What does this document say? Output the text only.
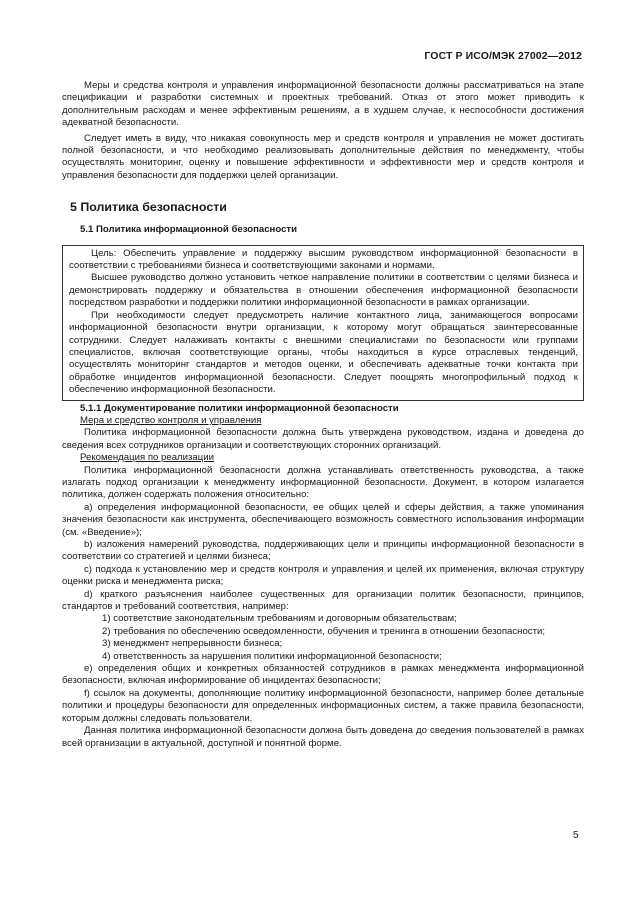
ГОСТ Р ИСО/МЭК 27002—2012

Меры и средства контроля и управления информационной безопасности должны рассматриваться на этапе спецификации и разработки системных и проектных требований. Отказ от этого может приводить к дополнительным расходам и менее эффективным решениям, а в худшем случае, к неспособности достижения адекватной безопасности.

Следует иметь в виду, что никакая совокупность мер и средств контроля и управления не может достигать полной безопасности, и что необходимо реализовывать дополнительные действия по менеджменту, чтобы осуществлять мониторинг, оценку и повышение эффективности и эффективности мер и средств контроля и управления безопасности для поддержки целей организации.

5 Политика безопасности
5.1 Политика информационной безопасности

Цель: Обеспечить управление и поддержку высшим руководством информационной безопасности в соответствии с требованиями бизнеса и соответствующими законами и нормами.

Высшее руководство должно установить четкое направление политики в соответствии с целями бизнеса и демонстрировать поддержку и обязательства в отношении обеспечения информационной безопасности посредством разработки и поддержки политики информационной безопасности в рамках организации.

При необходимости следует предусмотреть наличие контактного лица, занимающегося вопросами информационной безопасности внутри организации, к которому могут обращаться заинтересованные сотрудники. Следует налаживать контакты с внешними специалистами по безопасности или группами специалистов, включая соответствующие органы, чтобы находиться в курсе отраслевых тенденций, осуществлять мониторинг стандартов и методов оценки, и обеспечивать адекватные точки контакта при обработке инцидентов информационной безопасности. Следует поощрять многопрофильный подход к обеспечению информационной безопасности.

5.1.1 Документирование политики информационной безопасности
Мера и средство контроля и управления

Политика информационной безопасности должна быть утверждена руководством, издана и доведена до сведения всех сотрудников организации и соответствующих сторонних организаций.

Рекомендация по реализации

Политика информационной безопасности должна устанавливать ответственность руководства, а также излагать подход организации к менеджменту информационной безопасности. Документ, в котором излагается политика, должен содержать положения относительно:

a) определения информационной безопасности, ее общих целей и сферы действия, а также упоминания значения безопасности как инструмента, обеспечивающего возможность совместного использования информации (см. «Введение»);

b) изложения намерений руководства, поддерживающих цели и принципы информационной безопасности в соответствии со стратегией и целями бизнеса;

c) подхода к установлению мер и средств контроля и управления и целей их применения, включая структуру оценки риска и менеджмента риска;

d) краткого разъяснения наиболее существенных для организации политик безопасности, принципов, стандартов и требований соответствия, например:

1) соответствие законодательным требованиям и договорным обязательствам;

2) требования по обеспечению осведомленности, обучения и тренинга в отношении безопасности;

3) менеджмент непрерывности бизнеса;

4) ответственность за нарушения политики информационной безопасности;

e) определения общих и конкретных обязанностей сотрудников в рамках менеджмента информационной безопасности, включая информирование об инцидентах безопасности;

f) ссылок на документы, дополняющие политику информационной безопасности, например более детальные политики и процедуры безопасности для определенных информационных систем, а также правила безопасности, которым должны следовать пользователи.

Данная политика информационной безопасности должна быть доведена до сведения пользователей в рамках всей организации в актуальной, доступной и понятной форме.

5
